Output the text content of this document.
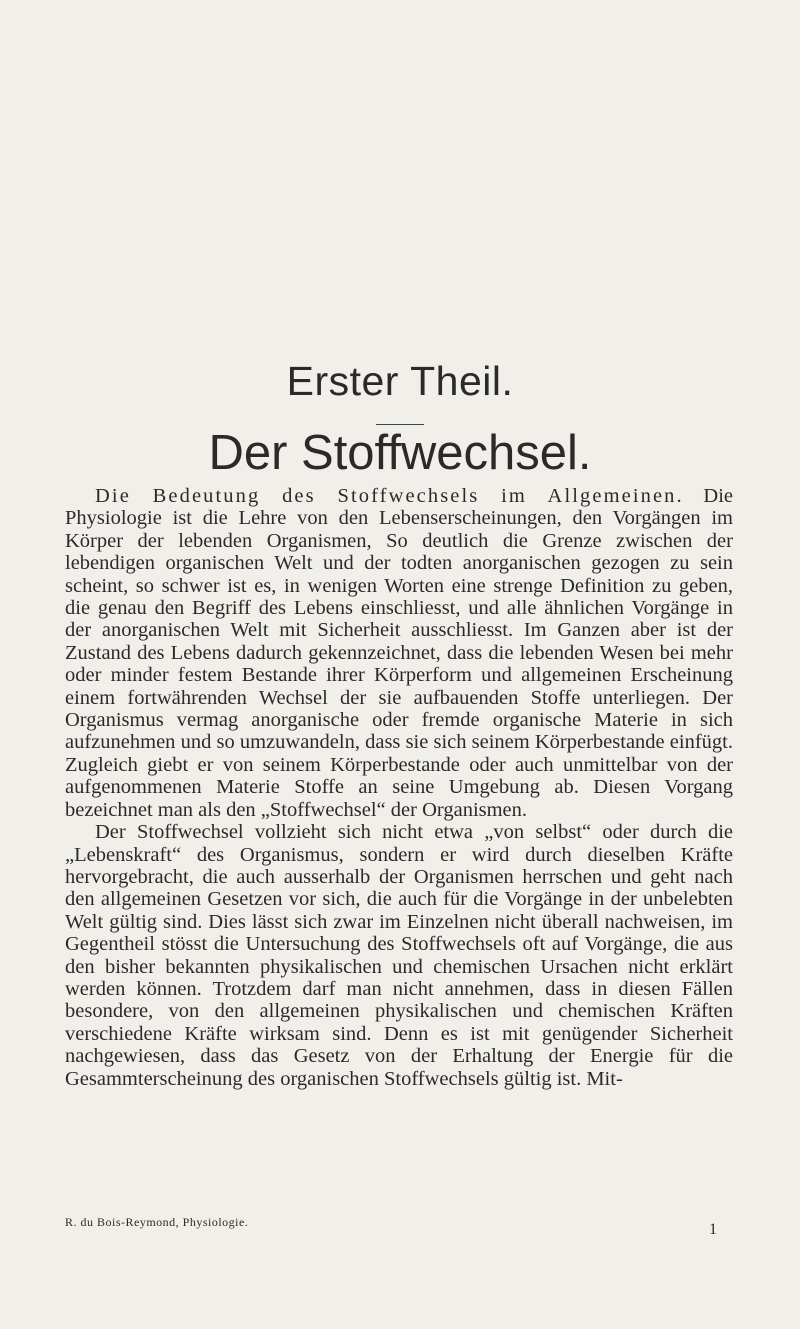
Erster Theil.
Der Stoffwechsel.

Die Bedeutung des Stoffwechsels im Allgemeinen. Die Physiologie ist die Lehre von den Lebenserscheinungen, den Vorgängen im Körper der lebenden Organismen, So deutlich die Grenze zwischen der lebendigen organischen Welt und der todten anorganischen gezogen zu sein scheint, so schwer ist es, in wenigen Worten eine strenge Definition zu geben, die genau den Begriff des Lebens einschliesst, und alle ähnlichen Vorgänge in der anorganischen Welt mit Sicherheit ausschliesst. Im Ganzen aber ist der Zustand des Lebens dadurch gekennzeichnet, dass die lebenden Wesen bei mehr oder minder festem Bestande ihrer Körperform und allgemeinen Erscheinung einem fortwährenden Wechsel der sie aufbauenden Stoffe unterliegen. Der Organismus vermag anorganische oder fremde organische Materie in sich aufzunehmen und so umzuwandeln, dass sie sich seinem Körperbestande einfügt. Zugleich giebt er von seinem Körperbestande oder auch unmittelbar von der aufgenommenen Materie Stoffe an seine Umgebung ab. Diesen Vorgang bezeichnet man als den „Stoffwechsel“ der Organismen.

Der Stoffwechsel vollzieht sich nicht etwa „von selbst“ oder durch die „Lebenskraft“ des Organismus, sondern er wird durch dieselben Kräfte hervorgebracht, die auch ausserhalb der Organismen herrschen und geht nach den allgemeinen Gesetzen vor sich, die auch für die Vorgänge in der unbelebten Welt gültig sind. Dies lässt sich zwar im Einzelnen nicht überall nachweisen, im Gegentheil stösst die Untersuchung des Stoffwechsels oft auf Vorgänge, die aus den bisher bekannten physikalischen und chemischen Ursachen nicht erklärt werden können. Trotzdem darf man nicht annehmen, dass in diesen Fällen besondere, von den allgemeinen physikalischen und chemischen Kräften verschiedene Kräfte wirksam sind. Denn es ist mit genügender Sicherheit nachgewiesen, dass das Gesetz von der Erhaltung der Energie für die Gesammterscheinung des organischen Stoffwechsels gültig ist. Mit-

R. du Bois-Reymond, Physiologie.	1
